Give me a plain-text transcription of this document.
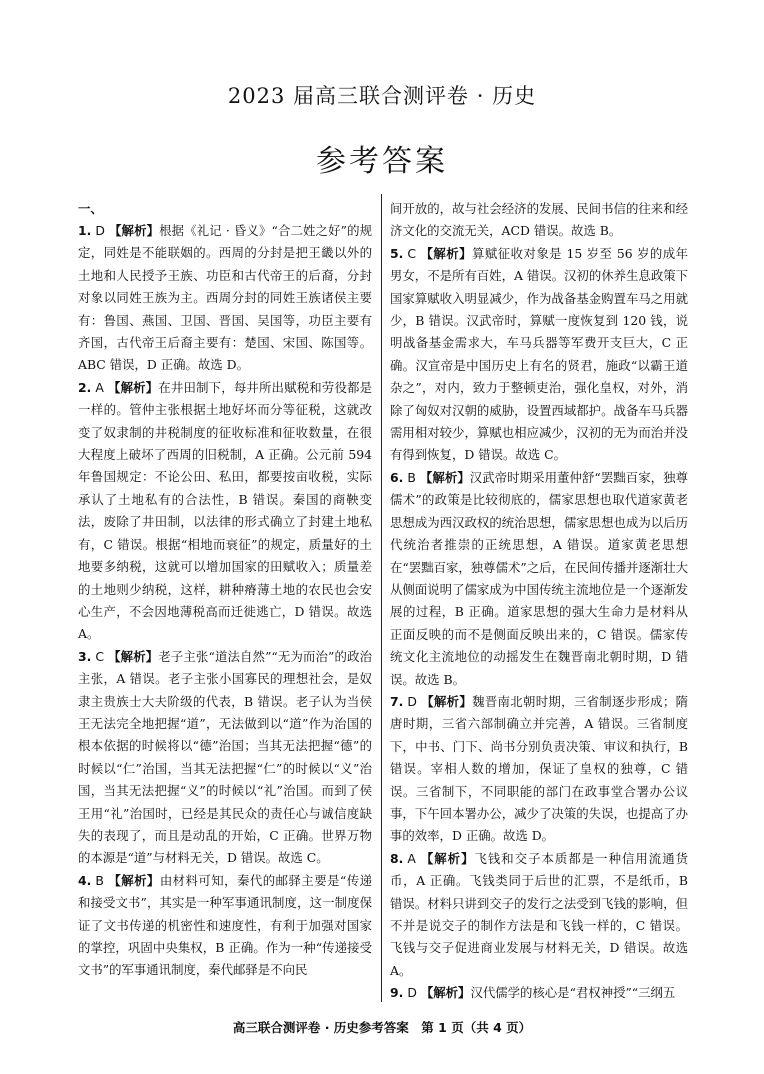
2023 届高三联合测评卷 · 历史
参考答案
一、

1. D 【解析】根据《礼记 · 昏义》“合二姓之好”的规定，同姓是不能联姻的。西周的分封是把王畿以外的土地和人民授予王族、功臣和古代帝王的后裔，分封对象以同姓王族为主。西周分封的同姓王族诸侯主要有：鲁国、燕国、卫国、晋国、吴国等，功臣主要有齐国，古代帝王后裔主要有：楚国、宋国、陈国等。ABC 错误，D 正确。故选 D。

2. A 【解析】在井田制下，每井所出赋税和劳役都是一样的。管仲主张根据土地好坏而分等征税，这就改变了奴隶制的井税制度的征收标准和征收数量，在很大程度上破坏了西周的旧税制，A 正确。公元前 594 年鲁国规定：不论公田、私田，都要按亩收税，实际承认了土地私有的合法性，B 错误。秦国的商鞅变法，废除了井田制，以法律的形式确立了封建土地私有，C 错误。根据“相地而衰征”的规定，质量好的土地要多纳税，这就可以增加国家的田赋收入；质量差的土地则少纳税，这样，耕种瘠薄土地的农民也会安心生产，不会因地薄税高而迁徙逃亡，D 错误。故选 A。

3. C 【解析】老子主张“道法自然”“无为而治”的政治主张，A 错误。老子主张小国寡民的理想社会，是奴隶主贵族士大夫阶级的代表，B 错误。老子认为当侯王无法完全地把握“道”，无法做到以“道”作为治国的根本依据的时候将以“德”治国；当其无法把握“德”的时候以“仁”治国，当其无法把握“仁”的时候以“义”治国，当其无法把握“义”的时候以“礼”治国。而到了侯王用“礼”治国时，已经是其民众的责任心与诚信度缺失的表现了，而且是动乱的开始，C 正确。世界万物的本源是“道”与材料无关，D 错误。故选 C。

4. B 【解析】由材料可知，秦代的邮驿主要是“传递和接受文书”，其实是一种军事通讯制度，这一制度保证了文书传递的机密性和速度性，有利于加强对国家的掌控，巩固中央集权，B 正确。作为一种“传递接受文书”的军事通讯制度，秦代邮驿是不向民

间开放的，故与社会经济的发展、民间书信的往来和经济文化的交流无关，ACD 错误。故选 B。

5. C 【解析】算赋征收对象是 15 岁至 56 岁的成年男女，不是所有百姓，A 错误。汉初的休养生息政策下国家算赋收入明显减少，作为战备基金购置车马之用就少，B 错误。汉武帝时，算赋一度恢复到 120 钱，说明战备基金需求大，车马兵器等军费开支巨大，C 正确。汉宣帝是中国历史上有名的贤君，施政“以霸王道杂之”，对内，致力于整顿吏治，强化皇权，对外，消除了匈奴对汉朝的威胁，设置西域都护。战备车马兵器需用相对较少，算赋也相应减少，汉初的无为而治并没有得到恢复，D 错误。故选 C。

6. B 【解析】汉武帝时期采用董仲舒“罢黜百家，独尊儒术”的政策是比较彻底的，儒家思想也取代道家黄老思想成为西汉政权的统治思想，儒家思想也成为以后历代统治者推崇的正统思想，A 错误。道家黄老思想在“罢黜百家，独尊儒术”之后，在民间传播并逐渐壮大从侧面说明了儒家成为中国传统主流地位是一个逐渐发展的过程，B 正确。道家思想的强大生命力是材料从正面反映的而不是侧面反映出来的，C 错误。儒家传统文化主流地位的动摇发生在魏晋南北朝时期，D 错误。故选 B。

7. D 【解析】魏晋南北朝时期，三省制逐步形成；隋唐时期，三省六部制确立并完善，A 错误。三省制度下，中书、门下、尚书分别负责决策、审议和执行，B 错误。宰相人数的增加，保证了皇权的独尊，C 错误。三省制下，不同职能的部门在政事堂合署办公议事，下午回本署办公，减少了决策的失误，也提高了办事的效率，D 正确。故选 D。

8. A 【解析】飞钱和交子本质都是一种信用流通货币，A 正确。飞钱类同于后世的汇票，不是纸币，B 错误。材料只讲到交子的发行之法受到飞钱的影响，但不并是说交子的制作方法是和飞钱一样的，C 错误。飞钱与交子促进商业发展与材料无关，D 错误。故选 A。

9. D 【解析】汉代儒学的核心是“君权神授”“三纲五

高三联合测评卷 · 历史参考答案　第 1 页（共 4 页）
